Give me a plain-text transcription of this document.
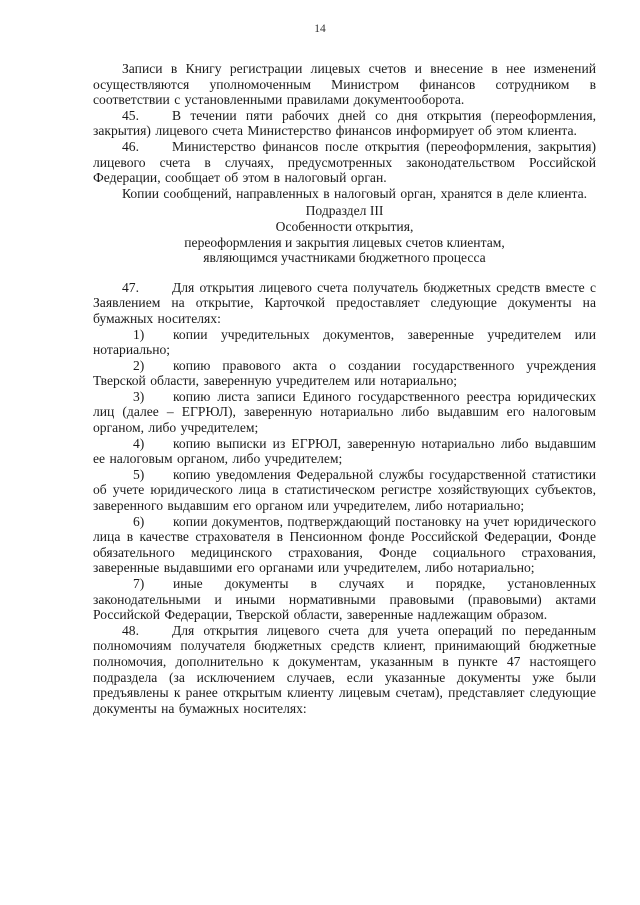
14

Записи в Книгу регистрации лицевых счетов и внесение в нее изменений осуществляются уполномоченным Министром финансов сотрудником в соответствии с установленными правилами документооборота.

45. В течении пяти рабочих дней со дня открытия (переоформления, закрытия) лицевого счета Министерство финансов информирует об этом клиента.

46. Министерство финансов после открытия (переоформления, закрытия) лицевого счета в случаях, предусмотренных законодательством Российской Федерации, сообщает об этом в налоговый орган.

Копии сообщений, направленных в налоговый орган, хранятся в деле клиента.

Подраздел III
Особенности открытия,
переоформления и закрытия лицевых счетов клиентам,
являющимся участниками бюджетного процесса

47. Для открытия лицевого счета получатель бюджетных средств вместе с Заявлением на открытие, Карточкой предоставляет следующие документы на бумажных носителях:

1) копии учредительных документов, заверенные учредителем или нотариально;

2) копию правового акта о создании государственного учреждения Тверской области, заверенную учредителем или нотариально;

3) копию листа записи Единого государственного реестра юридических лиц (далее – ЕГРЮЛ), заверенную нотариально либо выдавшим его налоговым органом, либо учредителем;

4) копию выписки из ЕГРЮЛ, заверенную нотариально либо выдавшим ее налоговым органом, либо учредителем;

5) копию уведомления Федеральной службы государственной статистики об учете юридического лица в статистическом регистре хозяйствующих субъектов, заверенного выдавшим его органом или учредителем, либо нотариально;

6) копии документов, подтверждающий постановку на учет юридического лица в качестве страхователя в Пенсионном фонде Российской Федерации, Фонде обязательного медицинского страхования, Фонде социального страхования, заверенные выдавшими его органами или учредителем, либо нотариально;

7) иные документы в случаях и порядке, установленных законодательными и иными нормативными правовыми (правовыми) актами Российской Федерации, Тверской области, заверенные надлежащим образом.

48. Для открытия лицевого счета для учета операций по переданным полномочиям получателя бюджетных средств клиент, принимающий бюджетные полномочия, дополнительно к документам, указанным в пункте 47 настоящего подраздела (за исключением случаев, если указанные документы уже были предъявлены к ранее открытым клиенту лицевым счетам), представляет следующие документы на бумажных носителях:
